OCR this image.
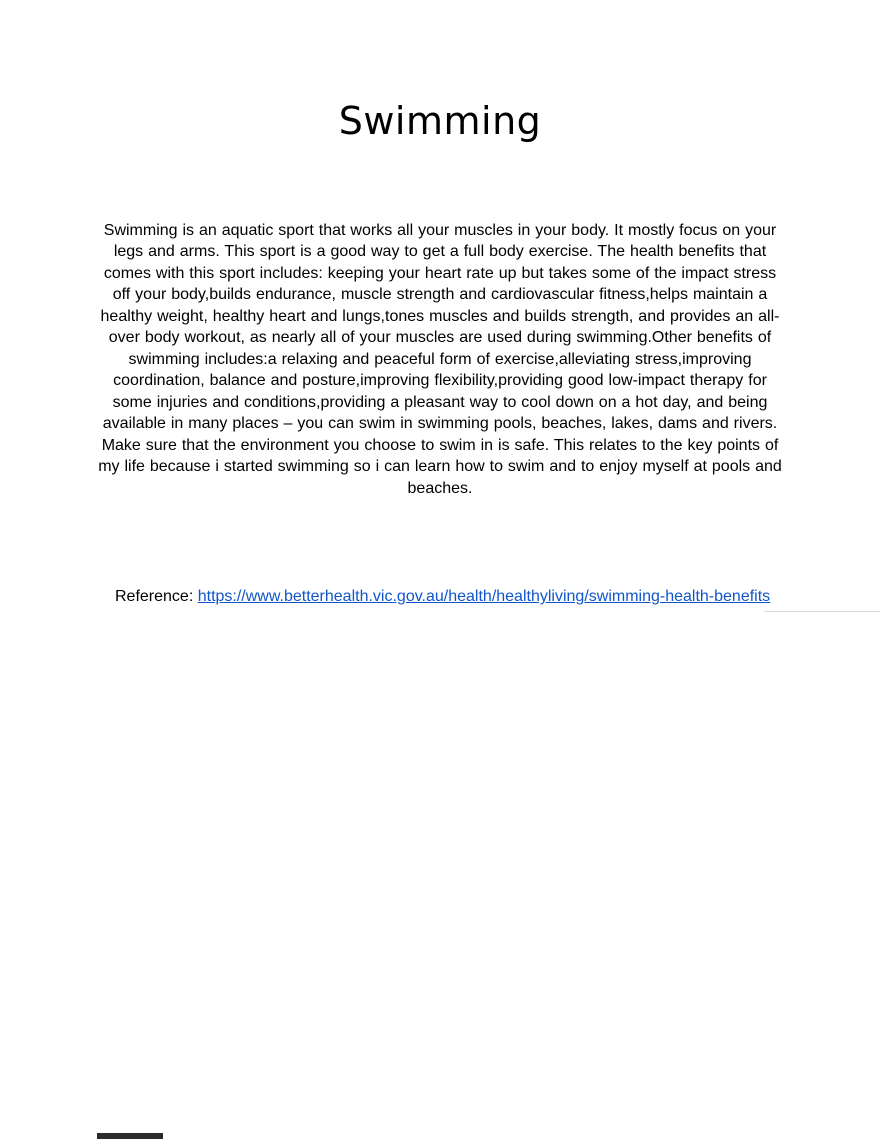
Swimming

Swimming is an aquatic sport that works all your muscles in your body. It mostly focus on your legs and arms. This sport is a good way to get a full body exercise. The health benefits that comes with this sport includes: keeping your heart rate up but takes some of the impact stress off your body,builds endurance, muscle strength and cardiovascular fitness,helps maintain a healthy weight, healthy heart and lungs,tones muscles and builds strength, and provides an all-over body workout, as nearly all of your muscles are used during swimming.Other benefits of swimming includes:a relaxing and peaceful form of exercise,alleviating stress,improving coordination, balance and posture,improving flexibility,providing good low-impact therapy for some injuries and conditions,providing a pleasant way to cool down on a hot day, and being available in many places – you can swim in swimming pools, beaches, lakes, dams and rivers. Make sure that the environment you choose to swim in is safe. This relates to the key points of my life because i started swimming so i can learn how to swim and to enjoy myself at pools and beaches.

Reference: https://www.betterhealth.vic.gov.au/health/healthyliving/swimming-health-benefits
